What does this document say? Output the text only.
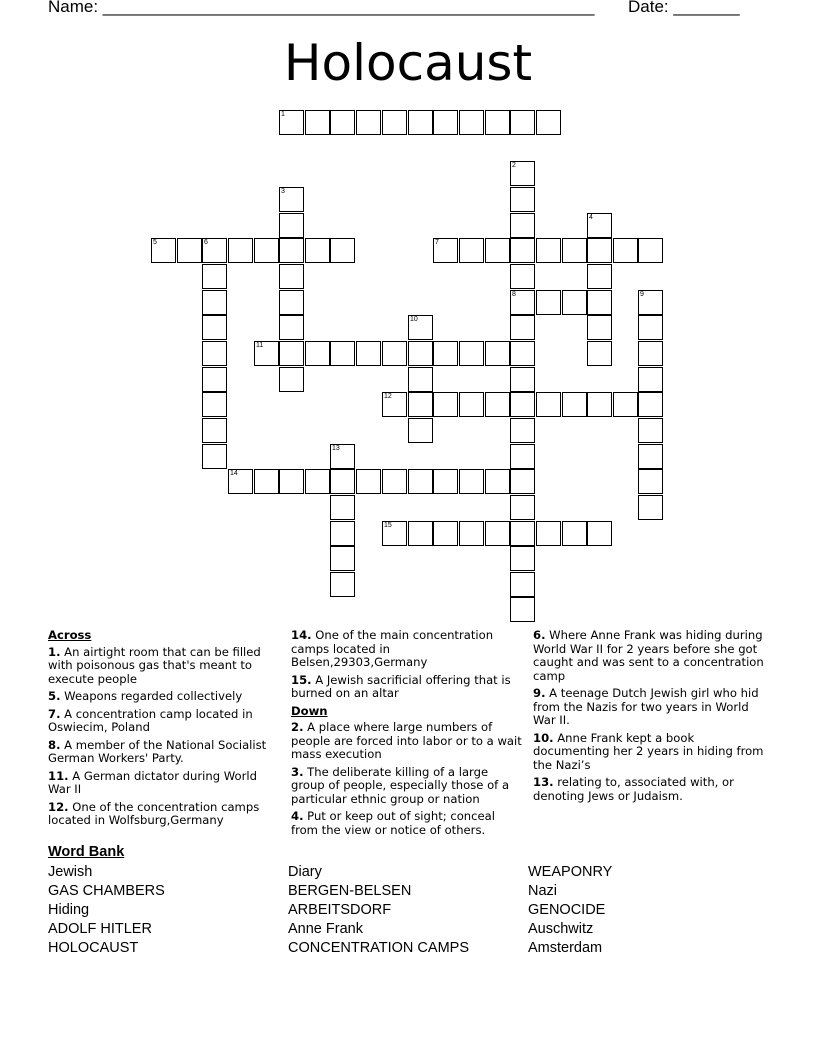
Name: ____________________________________________________ Date: _______
Holocaust
1
2
3
4
5	6	7
8	9
10
11
12
13
14
15
Across
1. An airtight room that can be filled with poisonous gas that's meant to execute people
5. Weapons regarded collectively
7. A concentration camp located in Oswiecim, Poland
8. A member of the National Socialist German Workers' Party.
11. A German dictator during World War II
12. One of the concentration camps located in Wolfsburg,Germany
14. One of the main concentration camps located in Belsen,29303,Germany
15. A Jewish sacrificial offering that is burned on an altar
Down
2. A place where large numbers of people are forced into labor or to a wait mass execution
3. The deliberate killing of a large group of people, especially those of a particular ethnic group or nation
4. Put or keep out of sight; conceal from the view or notice of others.
6. Where Anne Frank was hiding during World War II for 2 years before she got caught and was sent to a concentration camp
9. A teenage Dutch Jewish girl who hid from the Nazis for two years in World War II.
10. Anne Frank kept a book documenting her 2 years in hiding from the Nazi’s
13. relating to, associated with, or denoting Jews or Judaism.
Word Bank
Jewish
GAS CHAMBERS
Hiding
ADOLF HITLER
HOLOCAUST
Diary
BERGEN-BELSEN
ARBEITSDORF
Anne Frank
CONCENTRATION CAMPS
WEAPONRY
Nazi
GENOCIDE
Auschwitz
Amsterdam
